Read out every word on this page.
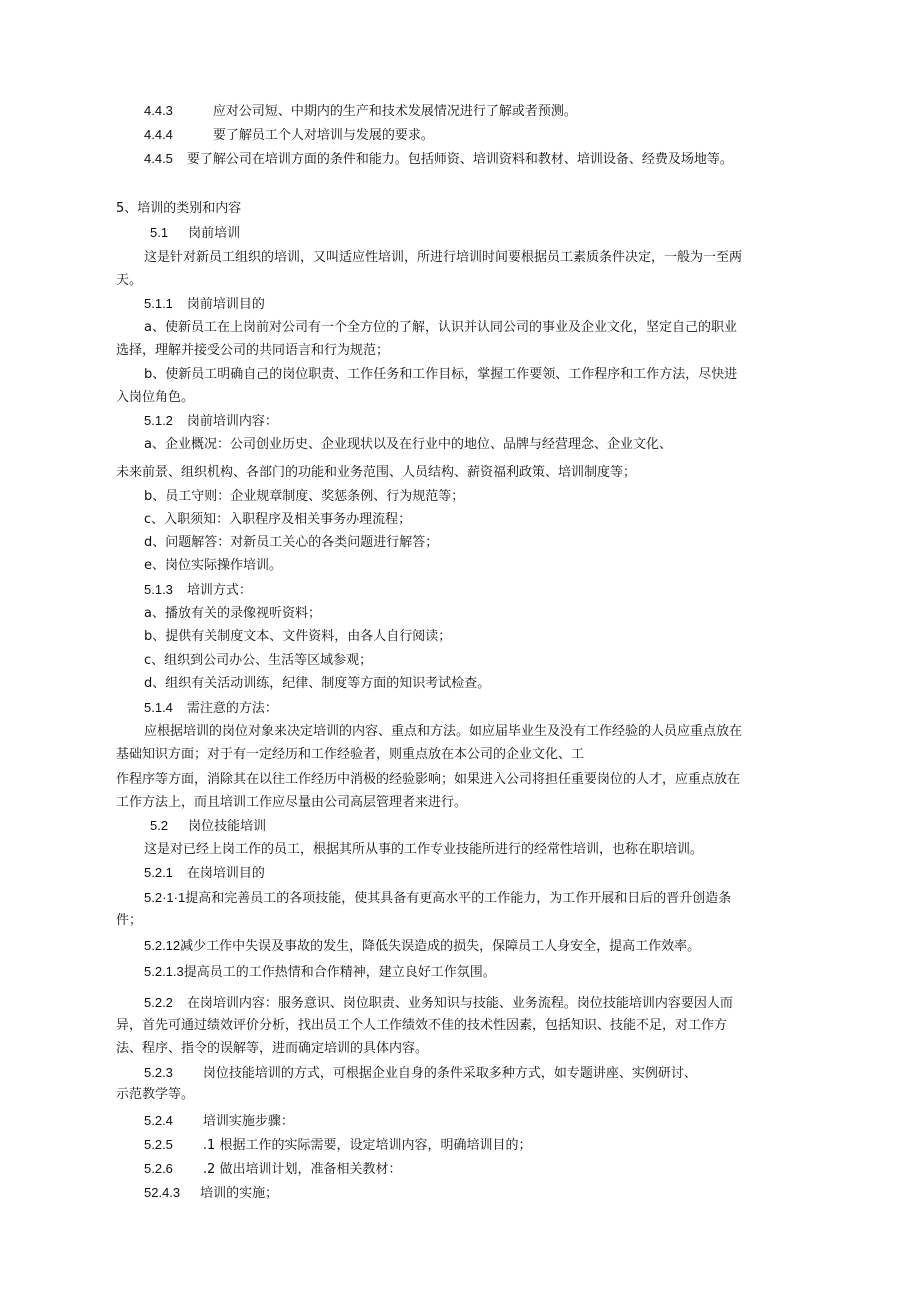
4.4.3	应对公司短、中期内的生产和技术发展情况进行了解或者预测。
4.4.4	要了解员工个人对培训与发展的要求。
4.4.5 要了解公司在培训方面的条件和能力。包括师资、培训资料和教材、培训设备、经费及场地等。
5、培训的类别和内容
5.1 岗前培训
这是针对新员工组织的培训，又叫适应性培训，所进行培训时间要根据员工素质条件决定，一般为一至两
天。
5.1.1 岗前培训目的
a、使新员工在上岗前对公司有一个全方位的了解，认识并认同公司的事业及企业文化，坚定自己的职业
选择，理解并接受公司的共同语言和行为规范；
b、使新员工明确自己的岗位职责、工作任务和工作目标，掌握工作要领、工作程序和工作方法，尽快进
入岗位角色。
5.1.2 岗前培训内容：
a、企业概况：公司创业历史、企业现状以及在行业中的地位、品牌与经营理念、企业文化、
未来前景、组织机构、各部门的功能和业务范围、人员结构、薪资福利政策、培训制度等；
b、员工守则：企业规章制度、奖惩条例、行为规范等；
c、入职须知：入职程序及相关事务办理流程；
d、问题解答：对新员工关心的各类问题进行解答；
e、岗位实际操作培训。
5.1.3 培训方式：
a、播放有关的录像视听资料；
b、提供有关制度文本、文件资料，由各人自行阅读；
c、组织到公司办公、生活等区域参观；
d、组织有关活动训练，纪律、制度等方面的知识考试检查。
5.1.4 需注意的方法：
应根据培训的岗位对象来决定培训的内容、重点和方法。如应届毕业生及没有工作经验的人员应重点放在
基础知识方面；对于有一定经历和工作经验者，则重点放在本公司的企业文化、工
作程序等方面，消除其在以往工作经历中消极的经验影响；如果进入公司将担任重要岗位的人才，应重点放在
工作方法上，而且培训工作应尽量由公司高层管理者来进行。
5.2 岗位技能培训
这是对已经上岗工作的员工，根据其所从事的工作专业技能所进行的经常性培训，也称在职培训。
5.2.1 在岗培训目的
5.2·1·1提高和完善员工的各项技能，使其具备有更高水平的工作能力，为工作开展和日后的晋升创造条
件；
5.2.12减少工作中失误及事故的发生，降低失误造成的损失，保障员工人身安全，提高工作效率。
5.2.1.3提高员工的工作热情和合作精神，建立良好工作氛围。
5.2.2 在岗培训内容：服务意识、岗位职责、业务知识与技能、业务流程。岗位技能培训内容要因人而
异，首先可通过绩效评价分析，找出员工个人工作绩效不佳的技术性因素，包括知识、技能不足，对工作方
法、程序、指令的误解等，进而确定培训的具体内容。
5.2.3 岗位技能培训的方式，可根据企业自身的条件采取多种方式，如专题讲座、实例研讨、
示范教学等。
5.2.4 培训实施步骤：
5.2.5 .1 根据工作的实际需要，设定培训内容，明确培训目的；
5.2.6 .2 做出培训计划，准备相关教材：
52.4.3 培训的实施；
